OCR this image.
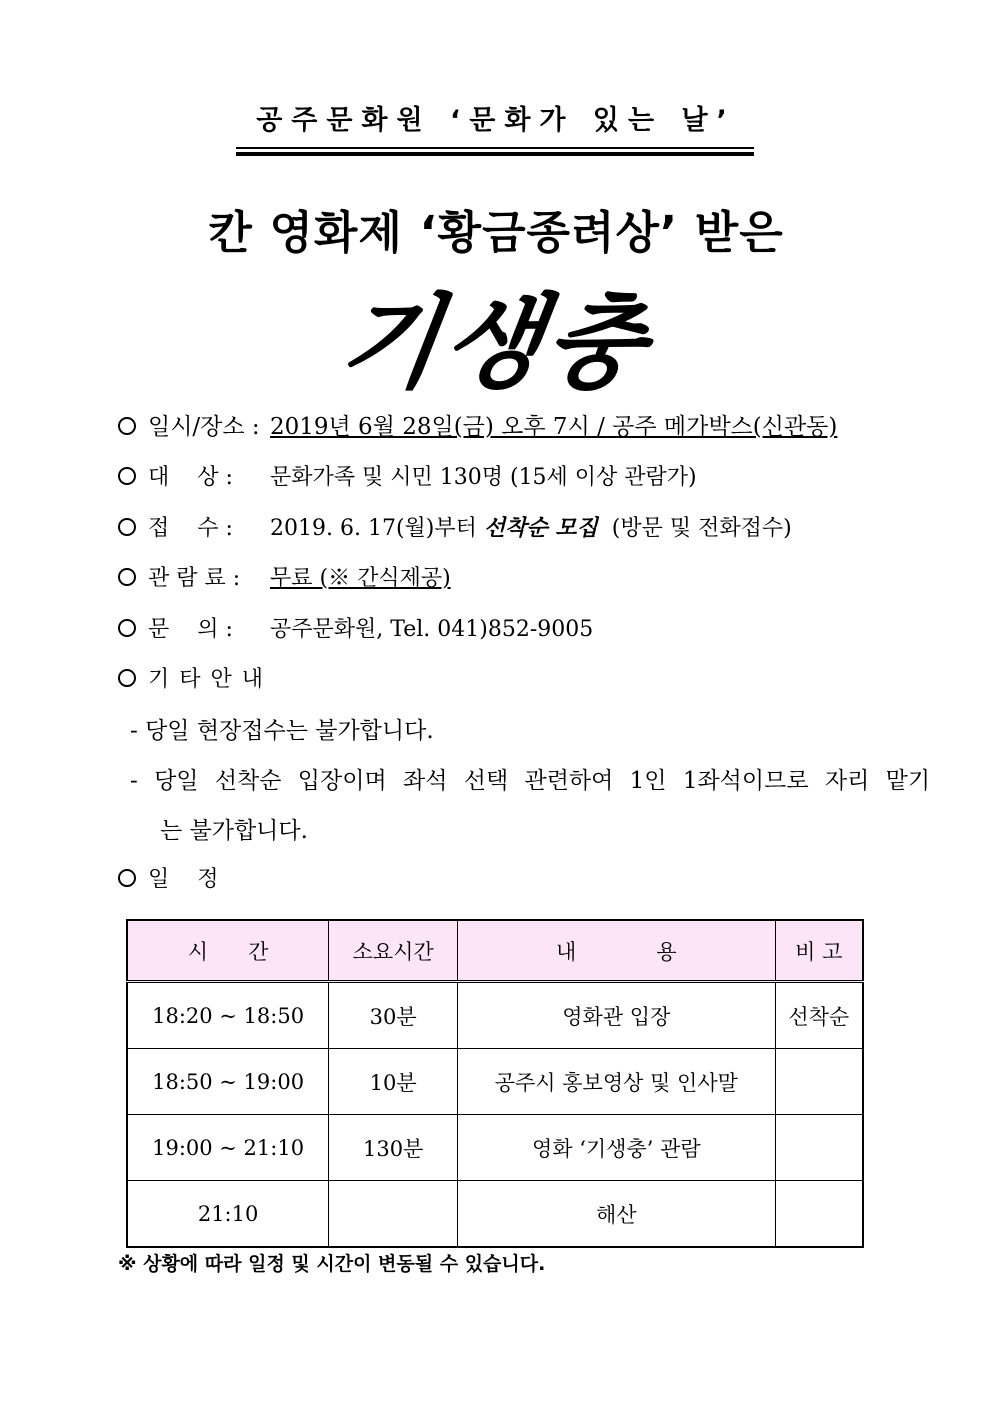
공주문화원 ‘문화가 있는 날’
칸 영화제 ‘황금종려상’ 받은
기생충
일시/장소 : 2019년 6월 28일(금) 오후 7시 / 공주 메가박스(신관동)
대    상 : 문화가족 및 시민 130명 (15세 이상 관람가)
접    수 : 2019. 6. 17(월)부터 선착순 모집  (방문 및 전화접수)
관 람 료 : 무료 (※ 간식제공)
문    의 : 공주문화원, Tel. 041)852-9005
기타안내
- 당일 현장접수는 불가합니다.
- 당일 선착순 입장이며 좌석 선택 관련하여 1인 1좌석이므로 자리 맡기
는 불가합니다.
일    정
시      간	소요시간	내            용	비 고
18:20 ~ 18:50	30분	영화관 입장	선착순
18:50 ~ 19:00	10분	공주시 홍보영상 및 인사말	
19:00 ~ 21:10	130분	영화 ‘기생충’ 관람	
21:10		해산	
※ 상황에 따라 일정 및 시간이 변동될 수 있습니다.
